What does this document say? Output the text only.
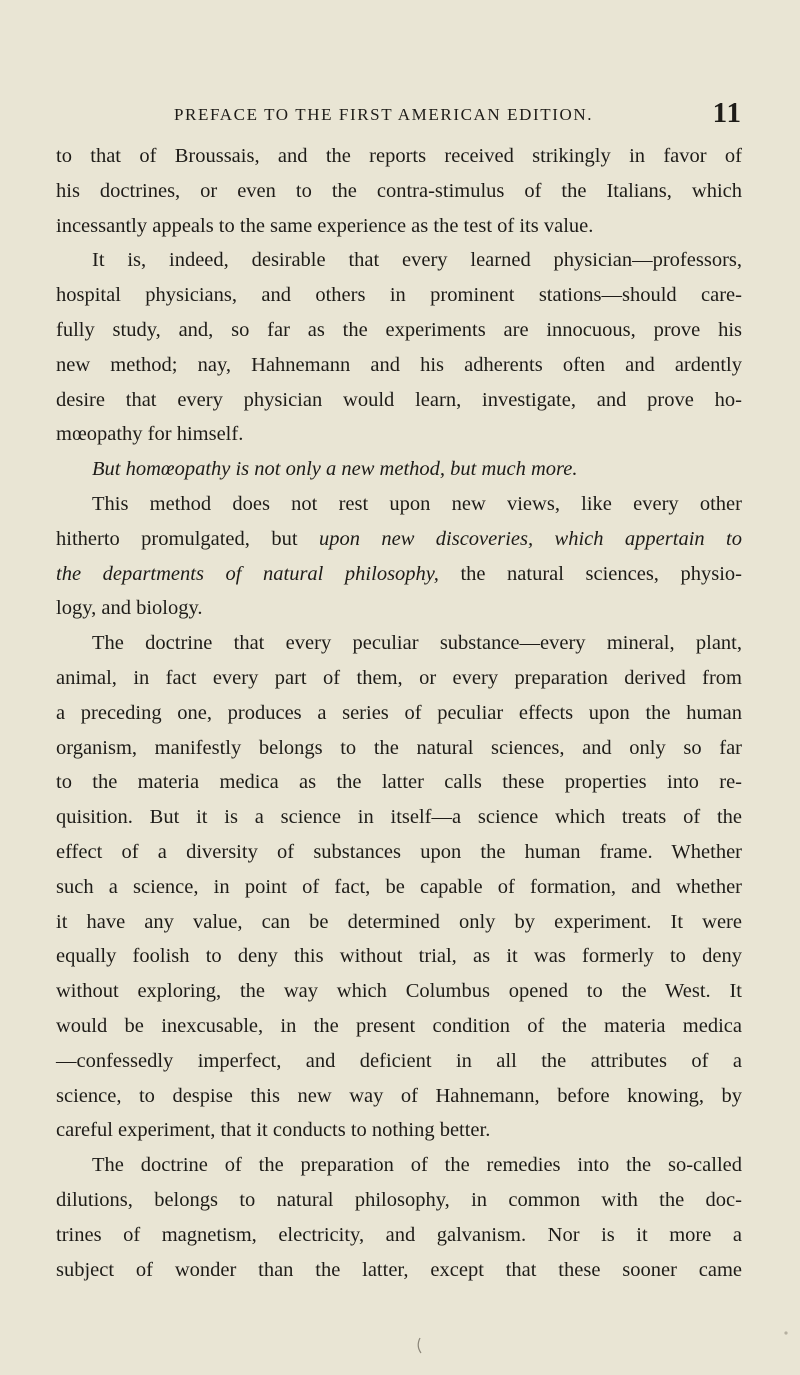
PREFACE TO THE FIRST AMERICAN EDITION.	11
to that of Broussais, and the reports received strikingly in favor of
his doctrines, or even to the contra-stimulus of the Italians, which
incessantly appeals to the same experience as the test of its value.
It is, indeed, desirable that every learned physician—professors,
hospital physicians, and others in prominent stations—should care-
fully study, and, so far as the experiments are innocuous, prove his
new method; nay, Hahnemann and his adherents often and ardently
desire that every physician would learn, investigate, and prove ho-
mœopathy for himself.
But homœopathy is not only a new method, but much more.
This method does not rest upon new views, like every other
hitherto promulgated, but upon new discoveries, which appertain to
the departments of natural philosophy, the natural sciences, physio-
logy, and biology.
The doctrine that every peculiar substance—every mineral, plant,
animal, in fact every part of them, or every preparation derived from
a preceding one, produces a series of peculiar effects upon the human
organism, manifestly belongs to the natural sciences, and only so far
to the materia medica as the latter calls these properties into re-
quisition. But it is a science in itself—a science which treats of the
effect of a diversity of substances upon the human frame. Whether
such a science, in point of fact, be capable of formation, and whether
it have any value, can be determined only by experiment. It were
equally foolish to deny this without trial, as it was formerly to deny
without exploring, the way which Columbus opened to the West. It
would be inexcusable, in the present condition of the materia medica
—confessedly imperfect, and deficient in all the attributes of a
science, to despise this new way of Hahnemann, before knowing, by
careful experiment, that it conducts to nothing better.
The doctrine of the preparation of the remedies into the so-called
dilutions, belongs to natural philosophy, in common with the doc-
trines of magnetism, electricity, and galvanism. Nor is it more a
subject of wonder than the latter, except that these sooner came
